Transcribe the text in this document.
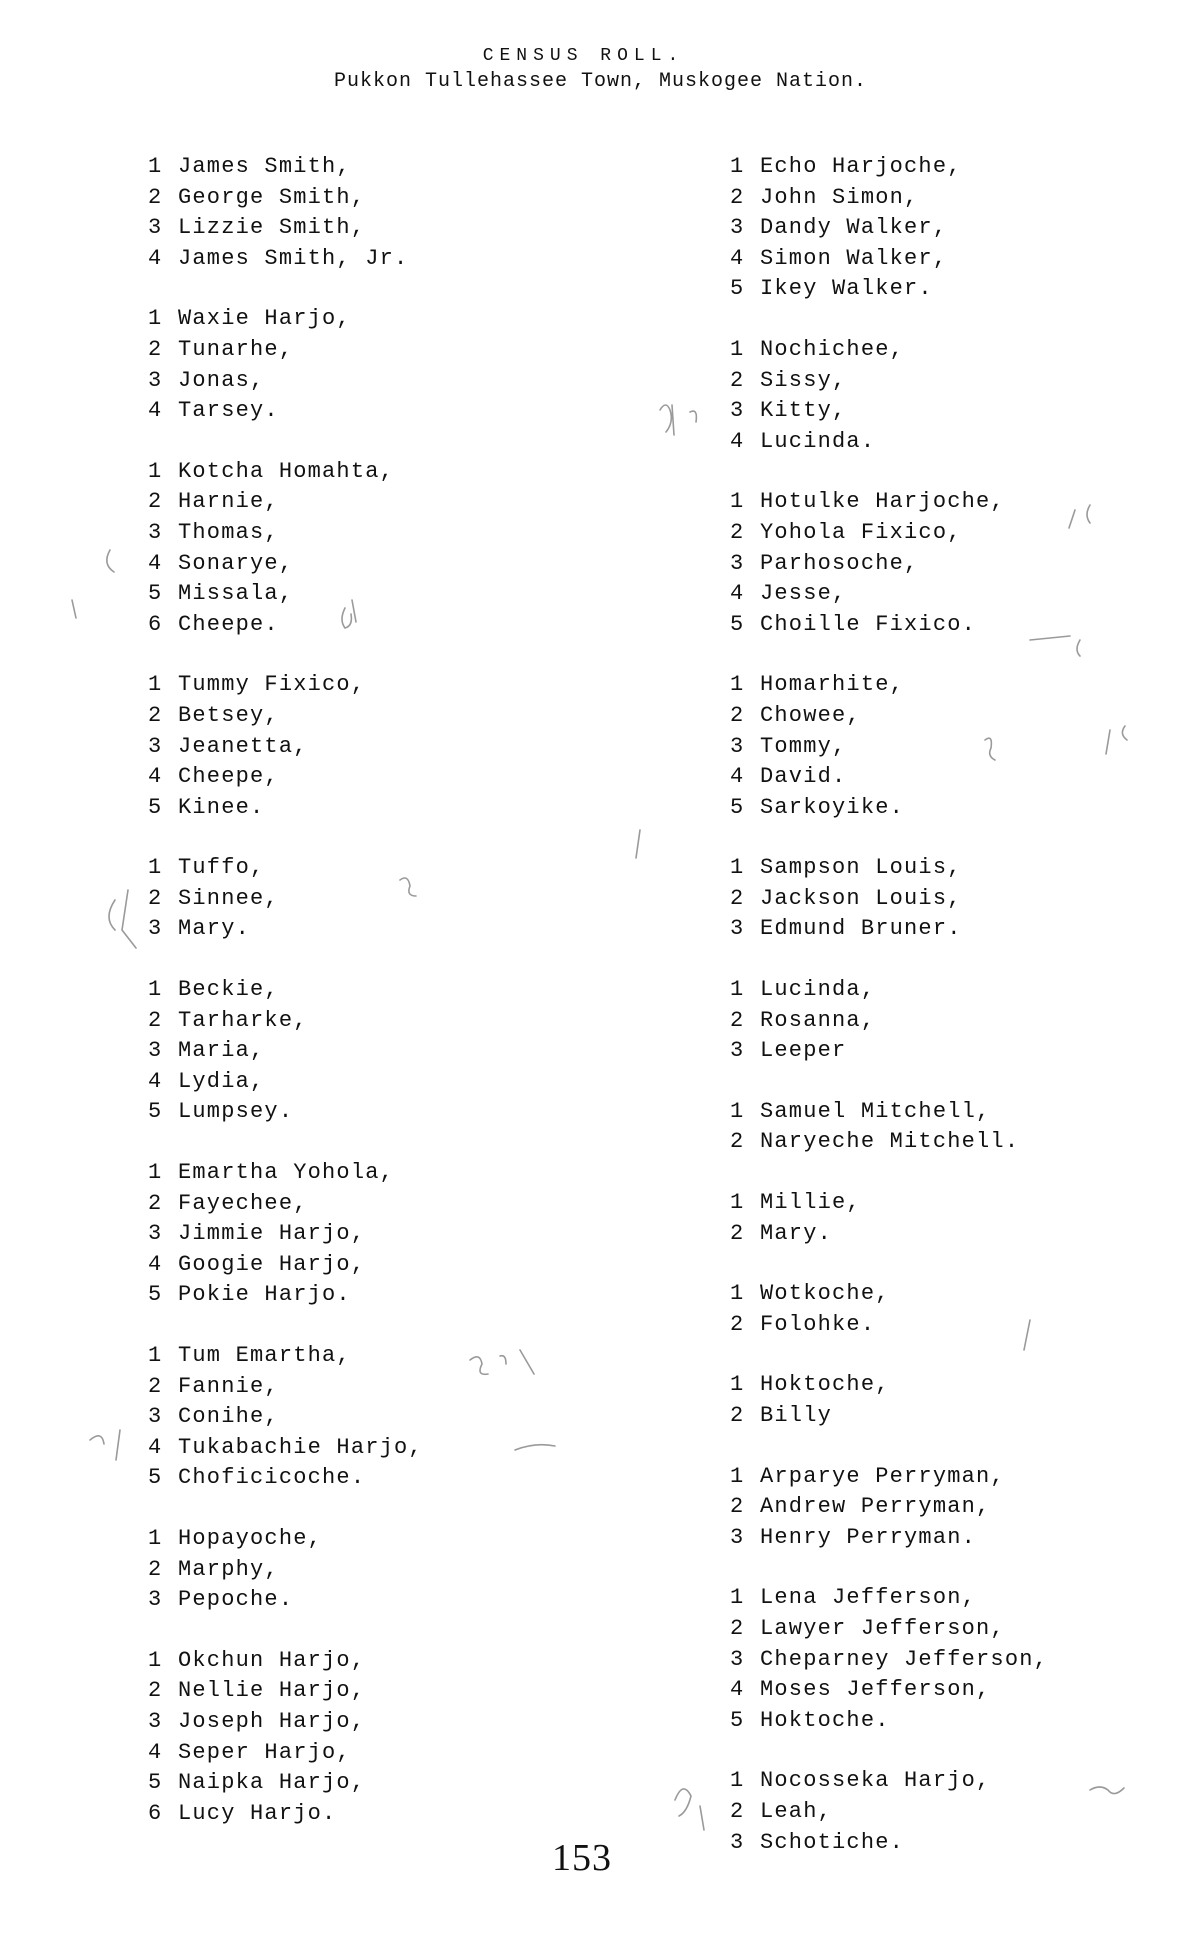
CENSUS ROLL.
Pukkon Tullehassee Town, Muskogee Nation.
1 James Smith,
2 George Smith,
3 Lizzie Smith,
4 James Smith, Jr.
1 Waxie Harjo,
2 Tunarhe,
3 Jonas,
4 Tarsey.
1 Kotcha Homahta,
2 Harnie,
3 Thomas,
4 Sonarye,
5 Missala,
6 Cheepe.
1 Tummy Fixico,
2 Betsey,
3 Jeanetta,
4 Cheepe,
5 Kinee.
1 Tuffo,
2 Sinnee,
3 Mary.
1 Beckie,
2 Tarharke,
3 Maria,
4 Lydia,
5 Lumpsey.
1 Emartha Yohola,
2 Fayechee,
3 Jimmie Harjo,
4 Googie Harjo,
5 Pokie Harjo.
1 Tum Emartha,
2 Fannie,
3 Conihe,
4 Tukabachie Harjo,
5 Choficicoche.
1 Hopayoche,
2 Marphy,
3 Pepoche.
1 Okchun Harjo,
2 Nellie Harjo,
3 Joseph Harjo,
4 Seper Harjo,
5 Naipka Harjo,
6 Lucy Harjo.
1 Echo Harjoche,
2 John Simon,
3 Dandy Walker,
4 Simon Walker,
5 Ikey Walker.
1 Nochichee,
2 Sissy,
3 Kitty,
4 Lucinda.
1 Hotulke Harjoche,
2 Yohola Fixico,
3 Parhosoche,
4 Jesse,
5 Choille Fixico.
1 Homarhite,
2 Chowee,
3 Tommy,
4 David.
5 Sarkoyike.
1 Sampson Louis,
2 Jackson Louis,
3 Edmund Bruner.
1 Lucinda,
2 Rosanna,
3 Leeper
1 Samuel Mitchell,
2 Naryeche Mitchell.
1 Millie,
2 Mary.
1 Wotkoche,
2 Folohke.
1 Hoktoche,
2 Billy
1 Arparye Perryman,
2 Andrew Perryman,
3 Henry Perryman.
1 Lena Jefferson,
2 Lawyer Jefferson,
3 Cheparney Jefferson,
4 Moses Jefferson,
5 Hoktoche.
1 Nocosseka Harjo,
2 Leah,
3 Schotiche.
153
